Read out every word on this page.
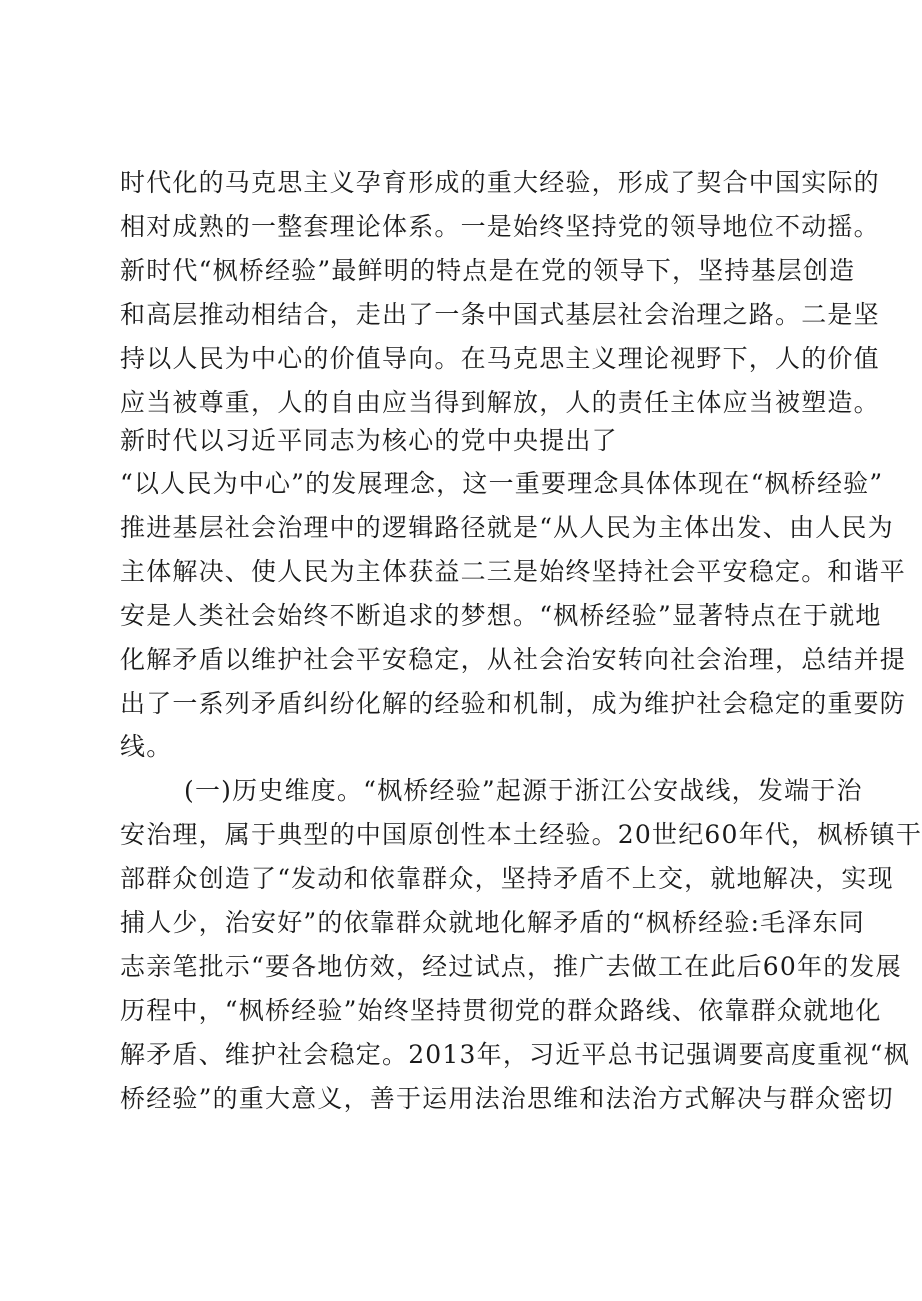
时代化的马克思主义孕育形成的重大经验，形成了契合中国实际的
相对成熟的一整套理论体系。一是始终坚持党的领导地位不动摇。
新时代“枫桥经验”最鲜明的特点是在党的领导下，坚持基层创造
和高层推动相结合，走出了一条中国式基层社会治理之路。二是坚
持以人民为中心的价值导向。在马克思主义理论视野下，人的价值
应当被尊重，人的自由应当得到解放，人的责任主体应当被塑造。
新时代以习近平同志为核心的党中央提出了
“以人民为中心”的发展理念，这一重要理念具体体现在“枫桥经验”
推进基层社会治理中的逻辑路径就是“从人民为主体出发、由人民为
主体解决、使人民为主体获益二三是始终坚持社会平安稳定。和谐平
安是人类社会始终不断追求的梦想。“枫桥经验”显著特点在于就地
化解矛盾以维护社会平安稳定，从社会治安转向社会治理，总结并提
出了一系列矛盾纠纷化解的经验和机制，成为维护社会稳定的重要防
线。
(一)历史维度。“枫桥经验”起源于浙江公安战线，发端于治
安治理，属于典型的中国原创性本土经验。20世纪60年代，枫桥镇干
部群众创造了“发动和依靠群众，坚持矛盾不上交，就地解决，实现
捕人少，治安好”的依靠群众就地化解矛盾的“枫桥经验:毛泽东同
志亲笔批示“要各地仿效，经过试点，推广去做工在此后60年的发展
历程中，“枫桥经验”始终坚持贯彻党的群众路线、依靠群众就地化
解矛盾、维护社会稳定。2013年，习近平总书记强调要高度重视“枫
桥经验”的重大意义，善于运用法治思维和法治方式解决与群众密切
